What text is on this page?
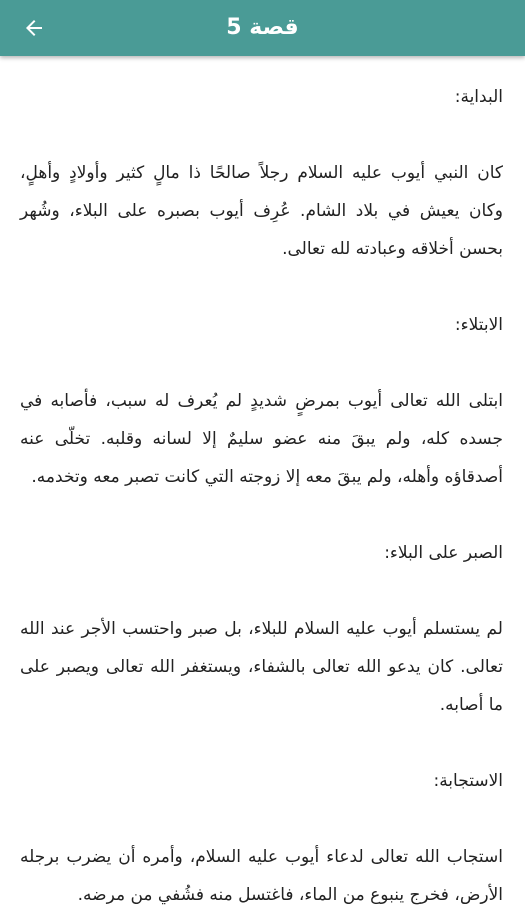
قصة 5

البداية:

كان النبي أيوب عليه السلام رجلاً صالحًا ذا مالٍ كثير وأولادٍ وأهلٍ، وكان يعيش في بلاد الشام. عُرِف أيوب بصبره على البلاء، وشُهر بحسن أخلاقه وعبادته لله تعالى.

الابتلاء:

ابتلى الله تعالى أيوب بمرضٍ شديدٍ لم يُعرف له سبب، فأصابه في جسده كله، ولم يبقَ منه عضو سليمٌ إلا لسانه وقلبه. تخلّى عنه أصدقاؤه وأهله، ولم يبقَ معه إلا زوجته التي كانت تصبر معه وتخدمه.

الصبر على البلاء:

لم يستسلم أيوب عليه السلام للبلاء، بل صبر واحتسب الأجر عند الله تعالى. كان يدعو الله تعالى بالشفاء، ويستغفر الله تعالى ويصبر على ما أصابه.

الاستجابة:

استجاب الله تعالى لدعاء أيوب عليه السلام، وأمره أن يضرب برجله الأرض، فخرج ينبوع من الماء، فاغتسل منه فشُفي من مرضه.
